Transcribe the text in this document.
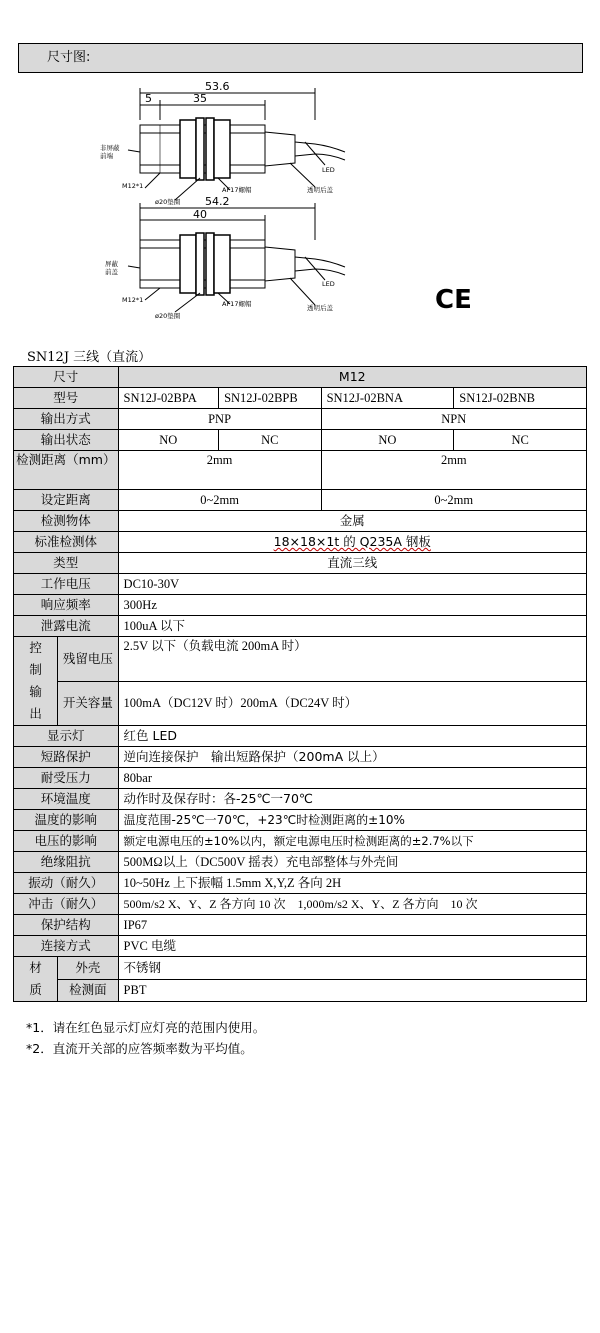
尺寸图:
53.6
5	35
非屏蔽
前端
M12*1
ø20垫圈
AF17螺帽	透明后盖
LED
54.2
40
屏蔽
前盖
M12*1
ø20垫圈
AF17螺帽	透明后盖
LED
CE
SN12J 三线（直流）
尺寸		M12			
型号		SN12J-02BPA	SN12J-02BPB	SN12J-02BNA	SN12J-02BNB
输出方式		PNP		NPN	
输出状态		NO	NC	NO	NC
检测距离（mm）		2mm		2mm	
设定距离		0~2mm		0~2mm	
检测物体		金属			
标准检测体		18×18×1t 的 Q235A 钢板			
类型		直流三线			
工作电压		DC10-30V			
响应频率		300Hz			
泄露电流		100uA 以下			
控制输出	残留电压	2.5V 以下（负载电流 200mA 时）			
	开关容量	100mA（DC12V 时）200mA（DC24V 时）			
显示灯		红色 LED			
短路保护		逆向连接保护　输出短路保护（200mA 以上）			
耐受压力		80bar			
环境温度		动作时及保存时：各-25℃一70℃			
温度的影响		温度范围-25℃一70℃，+23℃时检测距离的±10%			
电压的影响		额定电源电压的±10%以内，额定电源电压时检测距离的±2.7%以下			
绝缘阻抗		500MΩ以上（DC500V 摇表）充电部整体与外壳间			
振动（耐久）		10~50Hz 上下振幅 1.5mm X,Y,Z 各向 2H			
冲击（耐久）		500m/s2 X、Y、Z 各方向 10 次　1,000m/s2 X、Y、Z 各方向　10 次			
保护结构		IP67			
连接方式		PVC 电缆			
材质	外壳	不锈钢			
	检测面	PBT			
*1．请在红色显示灯应灯亮的范围内使用。
*2．直流开关部的应答频率数为平均值。
